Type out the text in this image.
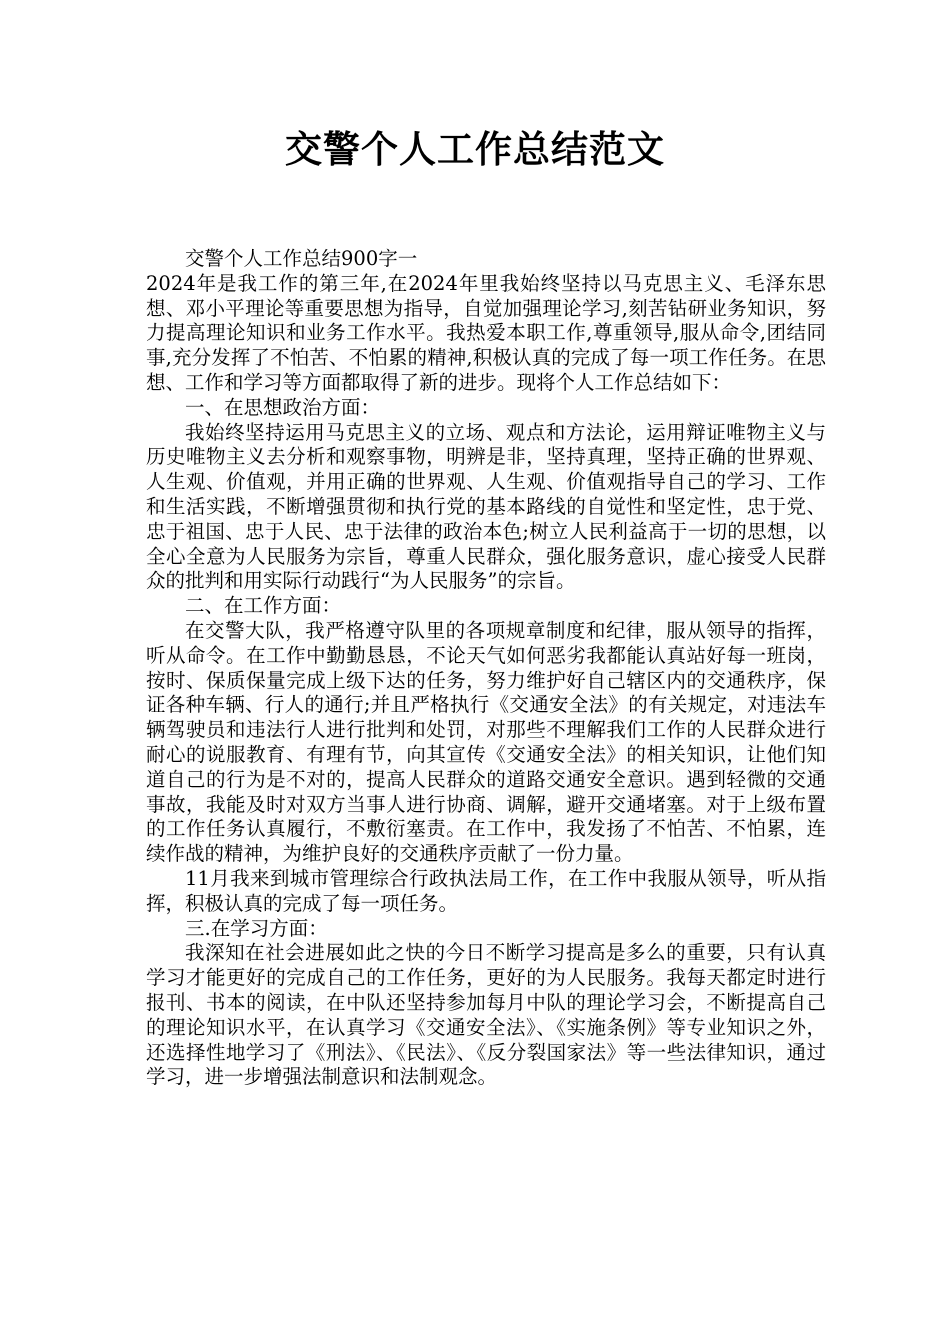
交警个人工作总结范文

交警个人工作总结900字一

2024年是我工作的第三年,在2024年里我始终坚持以马克思主义、毛泽东思想、邓小平理论等重要思想为指导，自觉加强理论学习,刻苦钻研业务知识，努力提高理论知识和业务工作水平。我热爱本职工作,尊重领导,服从命令,团结同事,充分发挥了不怕苦、不怕累的精神,积极认真的完成了每一项工作任务。在思想、工作和学习等方面都取得了新的进步。现将个人工作总结如下：

一、在思想政治方面：

我始终坚持运用马克思主义的立场、观点和方法论，运用辩证唯物主义与历史唯物主义去分析和观察事物，明辨是非，坚持真理，坚持正确的世界观、人生观、价值观，并用正确的世界观、人生观、价值观指导自己的学习、工作和生活实践，不断增强贯彻和执行党的基本路线的自觉性和坚定性，忠于党、忠于祖国、忠于人民、忠于法律的政治本色;树立人民利益高于一切的思想，以全心全意为人民服务为宗旨，尊重人民群众，强化服务意识，虚心接受人民群众的批判和用实际行动践行“为人民服务”的宗旨。

二、在工作方面：

在交警大队，我严格遵守队里的各项规章制度和纪律，服从领导的指挥，听从命令。在工作中勤勤恳恳，不论天气如何恶劣我都能认真站好每一班岗，按时、保质保量完成上级下达的任务，努力维护好自己辖区内的交通秩序，保证各种车辆、行人的通行;并且严格执行《交通安全法》的有关规定，对违法车辆驾驶员和违法行人进行批判和处罚，对那些不理解我们工作的人民群众进行耐心的说服教育、有理有节，向其宣传《交通安全法》的相关知识，让他们知道自己的行为是不对的，提高人民群众的道路交通安全意识。遇到轻微的交通事故，我能及时对双方当事人进行协商、调解，避开交通堵塞。对于上级布置的工作任务认真履行，不敷衍塞责。在工作中，我发扬了不怕苦、不怕累，连续作战的精神，为维护良好的交通秩序贡献了一份力量。

11月我来到城市管理综合行政执法局工作，在工作中我服从领导，听从指挥，积极认真的完成了每一项任务。

三.在学习方面：

我深知在社会进展如此之快的今日不断学习提高是多么的重要，只有认真学习才能更好的完成自己的工作任务，更好的为人民服务。我每天都定时进行报刊、书本的阅读，在中队还坚持参加每月中队的理论学习会，不断提高自己的理论知识水平，在认真学习《交通安全法》、《实施条例》等专业知识之外，还选择性地学习了《刑法》、《民法》、《反分裂国家法》等一些法律知识，通过学习，进一步增强法制意识和法制观念。
